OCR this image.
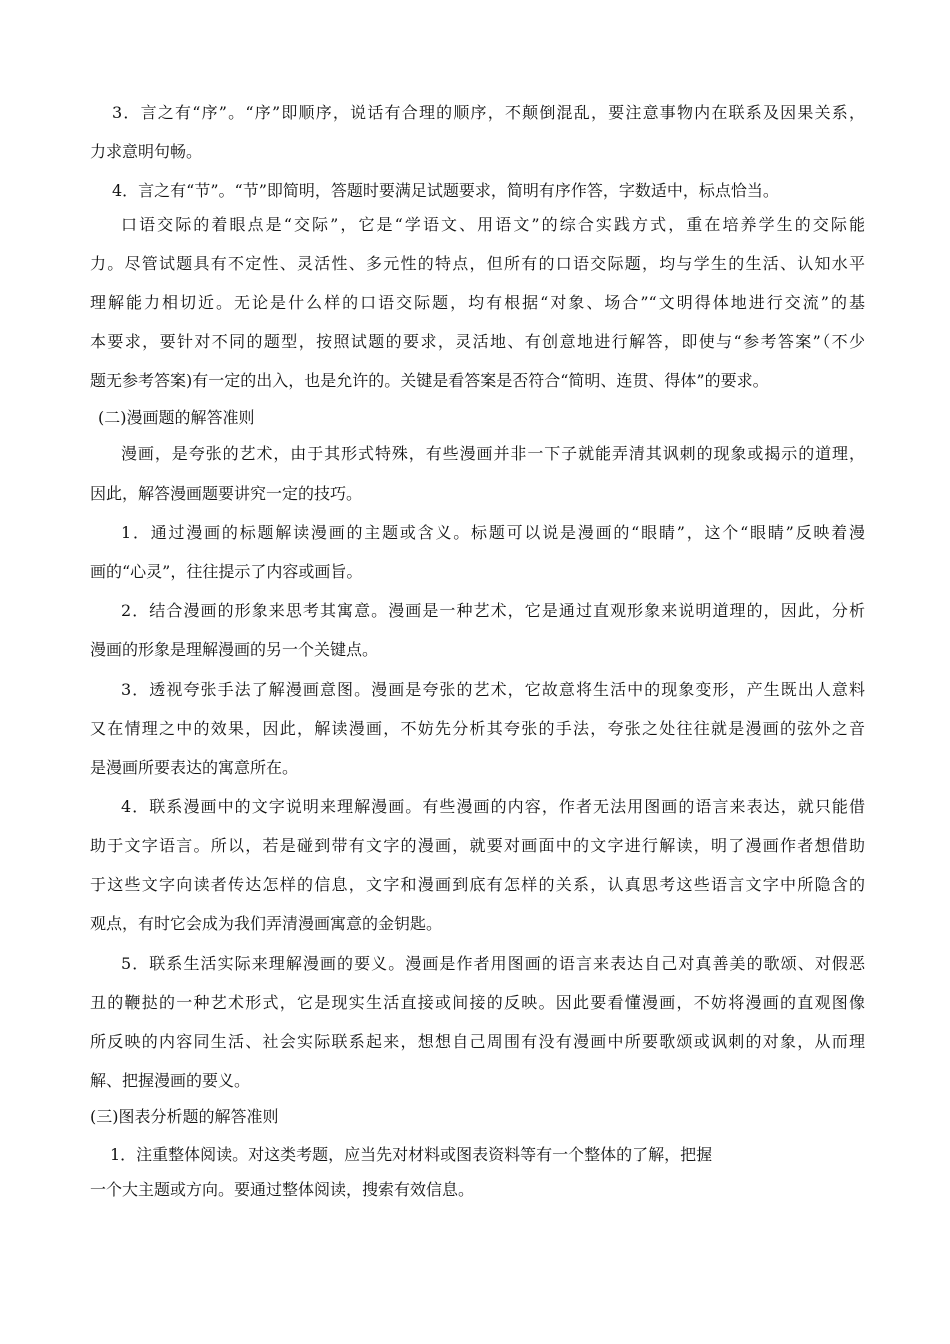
3．言之有“序”。“序”即顺序，说话有合理的顺序，不颠倒混乱，要注意事物内在联系及因果关系，
力求意明句畅。
4．言之有“节”。“节”即简明，答题时要满足试题要求，简明有序作答，字数适中，标点恰当。
口语交际的着眼点是“交际”，它是“学语文、用语文”的综合实践方式，重在培养学生的交际能
力。尽管试题具有不定性、灵活性、多元性的特点，但所有的口语交际题，均与学生的生活、认知水平
理解能力相切近。无论是什么样的口语交际题，均有根据“对象、场合”“文明得体地进行交流”的基
本要求，要针对不同的题型，按照试题的要求，灵活地、有创意地进行解答，即使与“参考答案”（不少
题无参考答案)有一定的出入，也是允许的。关键是看答案是否符合“简明、连贯、得体”的要求。
(二)漫画题的解答准则
漫画，是夸张的艺术，由于其形式特殊，有些漫画并非一下子就能弄清其讽刺的现象或揭示的道理，
因此，解答漫画题要讲究一定的技巧。
1．通过漫画的标题解读漫画的主题或含义。标题可以说是漫画的“眼睛”，这个“眼睛”反映着漫
画的“心灵”，往往提示了内容或画旨。
2．结合漫画的形象来思考其寓意。漫画是一种艺术，它是通过直观形象来说明道理的，因此，分析
漫画的形象是理解漫画的另一个关键点。
3．透视夸张手法了解漫画意图。漫画是夸张的艺术，它故意将生活中的现象变形，产生既出人意料
又在情理之中的效果，因此，解读漫画，不妨先分析其夸张的手法，夸张之处往往就是漫画的弦外之音
是漫画所要表达的寓意所在。
4．联系漫画中的文字说明来理解漫画。有些漫画的内容，作者无法用图画的语言来表达，就只能借
助于文字语言。所以，若是碰到带有文字的漫画，就要对画面中的文字进行解读，明了漫画作者想借助
于这些文字向读者传达怎样的信息，文字和漫画到底有怎样的关系，认真思考这些语言文字中所隐含的
观点，有时它会成为我们弄清漫画寓意的金钥匙。
5．联系生活实际来理解漫画的要义。漫画是作者用图画的语言来表达自己对真善美的歌颂、对假恶
丑的鞭挞的一种艺术形式，它是现实生活直接或间接的反映。因此要看懂漫画，不妨将漫画的直观图像
所反映的内容同生活、社会实际联系起来，想想自己周围有没有漫画中所要歌颂或讽刺的对象，从而理
解、把握漫画的要义。
(三)图表分析题的解答准则
1．注重整体阅读。对这类考题，应当先对材料或图表资料等有一个整体的了解，把握
一个大主题或方向。要通过整体阅读，搜索有效信息。
